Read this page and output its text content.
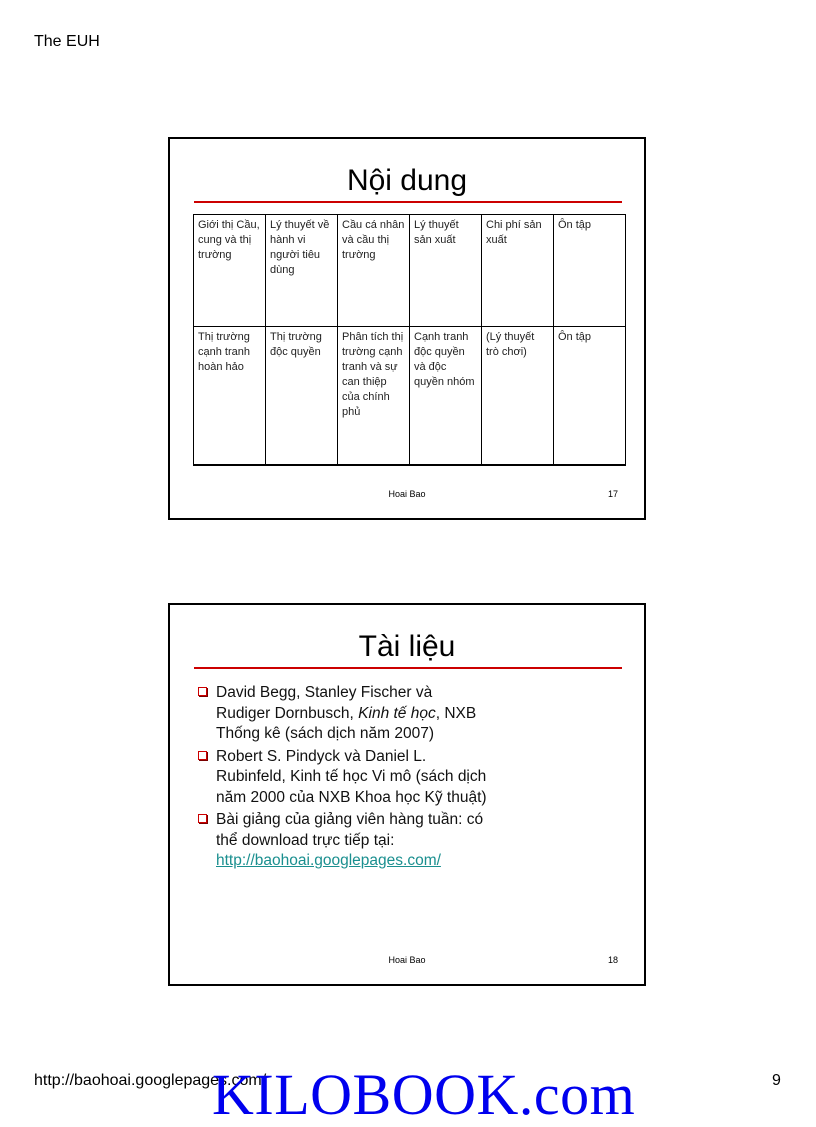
The EUH
Nội dung
Giới thị Cầu, cung và thị trường	Lý thuyết về hành vi người tiêu dùng	Cầu cá nhân và cầu thị trường	Lý thuyết sản xuất	Chi phí sản xuất	Ôn tập
Thị trường cạnh tranh hoàn hảo	Thị trường độc quyền	Phân tích thị trường cạnh tranh và sự can thiệp của chính phủ	Cạnh tranh độc quyền và độc quyền nhóm	(Lý thuyết trò chơi)	Ôn tập
Hoai Bao	17
Tài liệu
David Begg, Stanley Fischer và Rudiger Dornbusch, Kinh tế học, NXB Thống kê (sách dịch năm 2007)
Robert S. Pindyck và Daniel L. Rubinfeld, Kinh tế học Vi mô (sách dịch năm 2000 của NXB Khoa học Kỹ thuật)
Bài giảng của giảng viên hàng tuần: có thể download trực tiếp tại:
http://baohoai.googlepages.com/
Hoai Bao	18
http://baohoai.googlepages.com/	9
KILOBOOK.com
